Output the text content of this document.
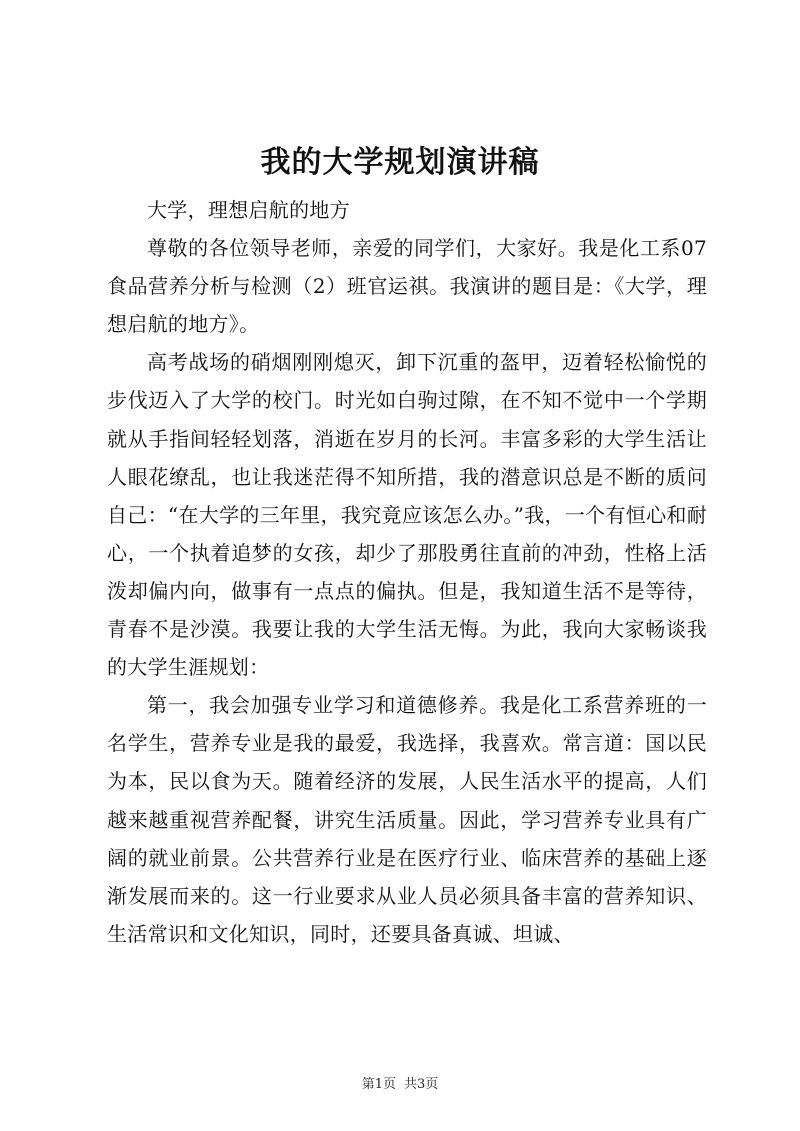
我的大学规划演讲稿

大学，理想启航的地方

尊敬的各位领导老师，亲爱的同学们，大家好。我是化工系07食品营养分析与检测（2）班官运祺。我演讲的题目是：《大学，理想启航的地方》。

高考战场的硝烟刚刚熄灭，卸下沉重的盔甲，迈着轻松愉悦的步伐迈入了大学的校门。时光如白驹过隙，在不知不觉中一个学期就从手指间轻轻划落，消逝在岁月的长河。丰富多彩的大学生活让人眼花缭乱，也让我迷茫得不知所措，我的潜意识总是不断的质问自己：“在大学的三年里，我究竟应该怎么办。”我，一个有恒心和耐心，一个执着追梦的女孩，却少了那股勇往直前的冲劲，性格上活泼却偏内向，做事有一点点的偏执。但是，我知道生活不是等待，青春不是沙漠。我要让我的大学生活无悔。为此，我向大家畅谈我的大学生涯规划：

第一，我会加强专业学习和道德修养。我是化工系营养班的一名学生，营养专业是我的最爱，我选择，我喜欢。常言道：国以民为本，民以食为天。随着经济的发展，人民生活水平的提高，人们越来越重视营养配餐，讲究生活质量。因此，学习营养专业具有广阔的就业前景。公共营养行业是在医疗行业、临床营养的基础上逐渐发展而来的。这一行业要求从业人员必须具备丰富的营养知识、生活常识和文化知识，同时，还要具备真诚、坦诚、

第1页 共3页
